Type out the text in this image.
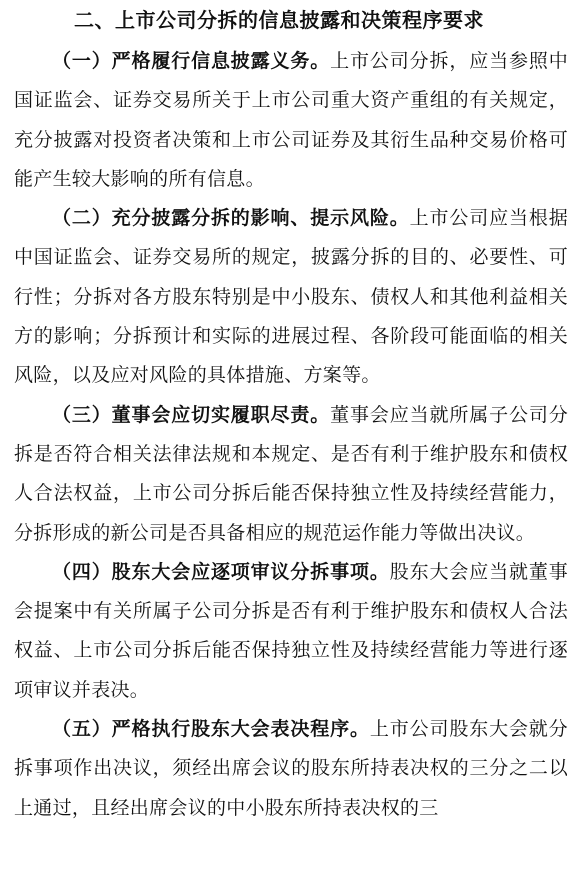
二、上市公司分拆的信息披露和决策程序要求

（一）严格履行信息披露义务。上市公司分拆，应当参照中国证监会、证券交易所关于上市公司重大资产重组的有关规定，充分披露对投资者决策和上市公司证券及其衍生品种交易价格可能产生较大影响的所有信息。

（二）充分披露分拆的影响、提示风险。上市公司应当根据中国证监会、证券交易所的规定，披露分拆的目的、必要性、可行性；分拆对各方股东特别是中小股东、债权人和其他利益相关方的影响；分拆预计和实际的进展过程、各阶段可能面临的相关风险，以及应对风险的具体措施、方案等。

（三）董事会应切实履职尽责。董事会应当就所属子公司分拆是否符合相关法律法规和本规定、是否有利于维护股东和债权人合法权益，上市公司分拆后能否保持独立性及持续经营能力，分拆形成的新公司是否具备相应的规范运作能力等做出决议。

（四）股东大会应逐项审议分拆事项。股东大会应当就董事会提案中有关所属子公司分拆是否有利于维护股东和债权人合法权益、上市公司分拆后能否保持独立性及持续经营能力等进行逐项审议并表决。

（五）严格执行股东大会表决程序。上市公司股东大会就分拆事项作出决议，须经出席会议的股东所持表决权的三分之二以上通过，且经出席会议的中小股东所持表决权的三
